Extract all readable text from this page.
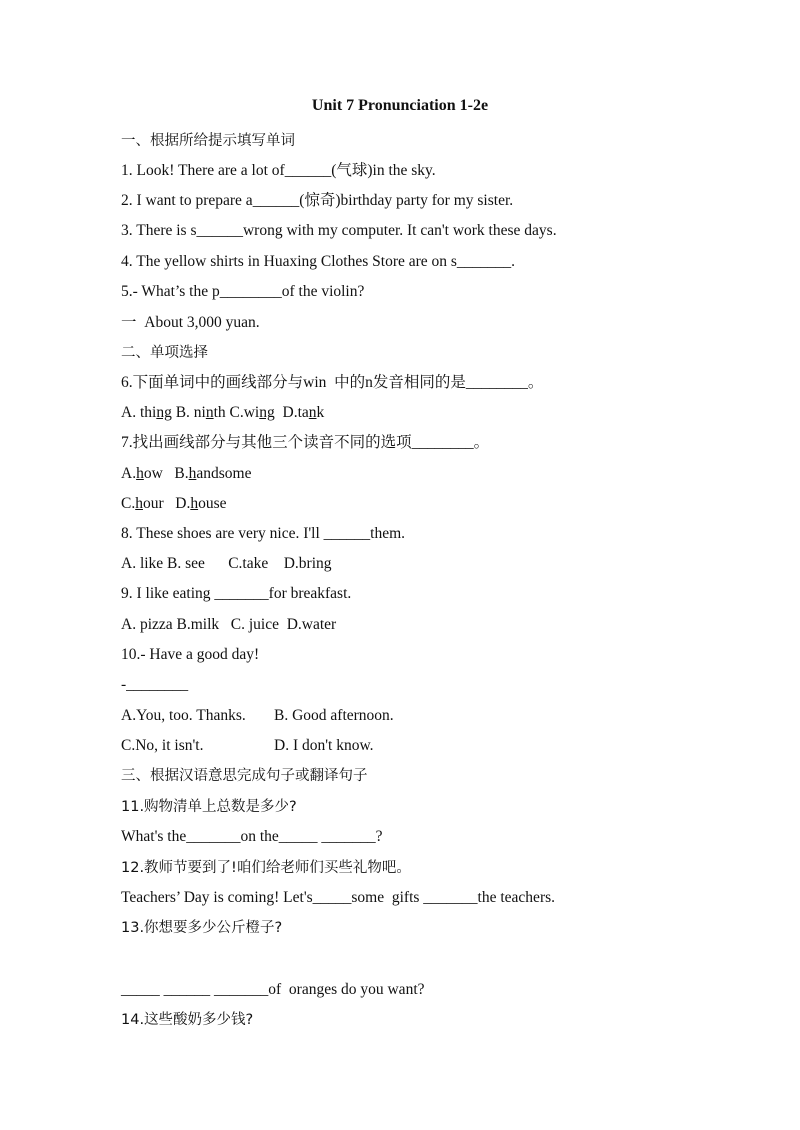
Unit 7 Pronunciation 1-2e
一、根据所给提示填写单词
1. Look! There are a lot of______(气球)in the sky.
2. I want to prepare a______(惊奇)birthday party for my sister.
3. There is s______wrong with my computer. It can't work these days.
4. The yellow shirts in Huaxing Clothes Store are on s_______.
5.- What’s the p________of the violin?
一  About 3,000 yuan.
二、单项选择
6.下面单词中的画线部分与win  中的n发音相同的是________。
A. thing B. ninth C.wing  D.tank
7.找出画线部分与其他三个读音不同的选项________。
A.how   B.handsome
C.hour   D.house
8. These shoes are very nice. I'll ______them.
A. like B. see      C.take    D.bring
9. I like eating _______for breakfast.
A. pizza B.milk   C. juice  D.water
10.- Have a good day!
-________
A.You, too. Thanks. B. Good afternoon.
C.No, it isn't.	D. I don't know.
三、根据汉语意思完成句子或翻译句子
11.购物清单上总数是多少?
What's the_______on the_____ _______?
12.教师节要到了!咱们给老师们买些礼物吧。
Teachers’ Day is coming! Let's_____some  gifts _______the teachers.
13.你想要多少公斤橙子?
_____ ______ _______of  oranges do you want?
14.这些酸奶多少钱?
